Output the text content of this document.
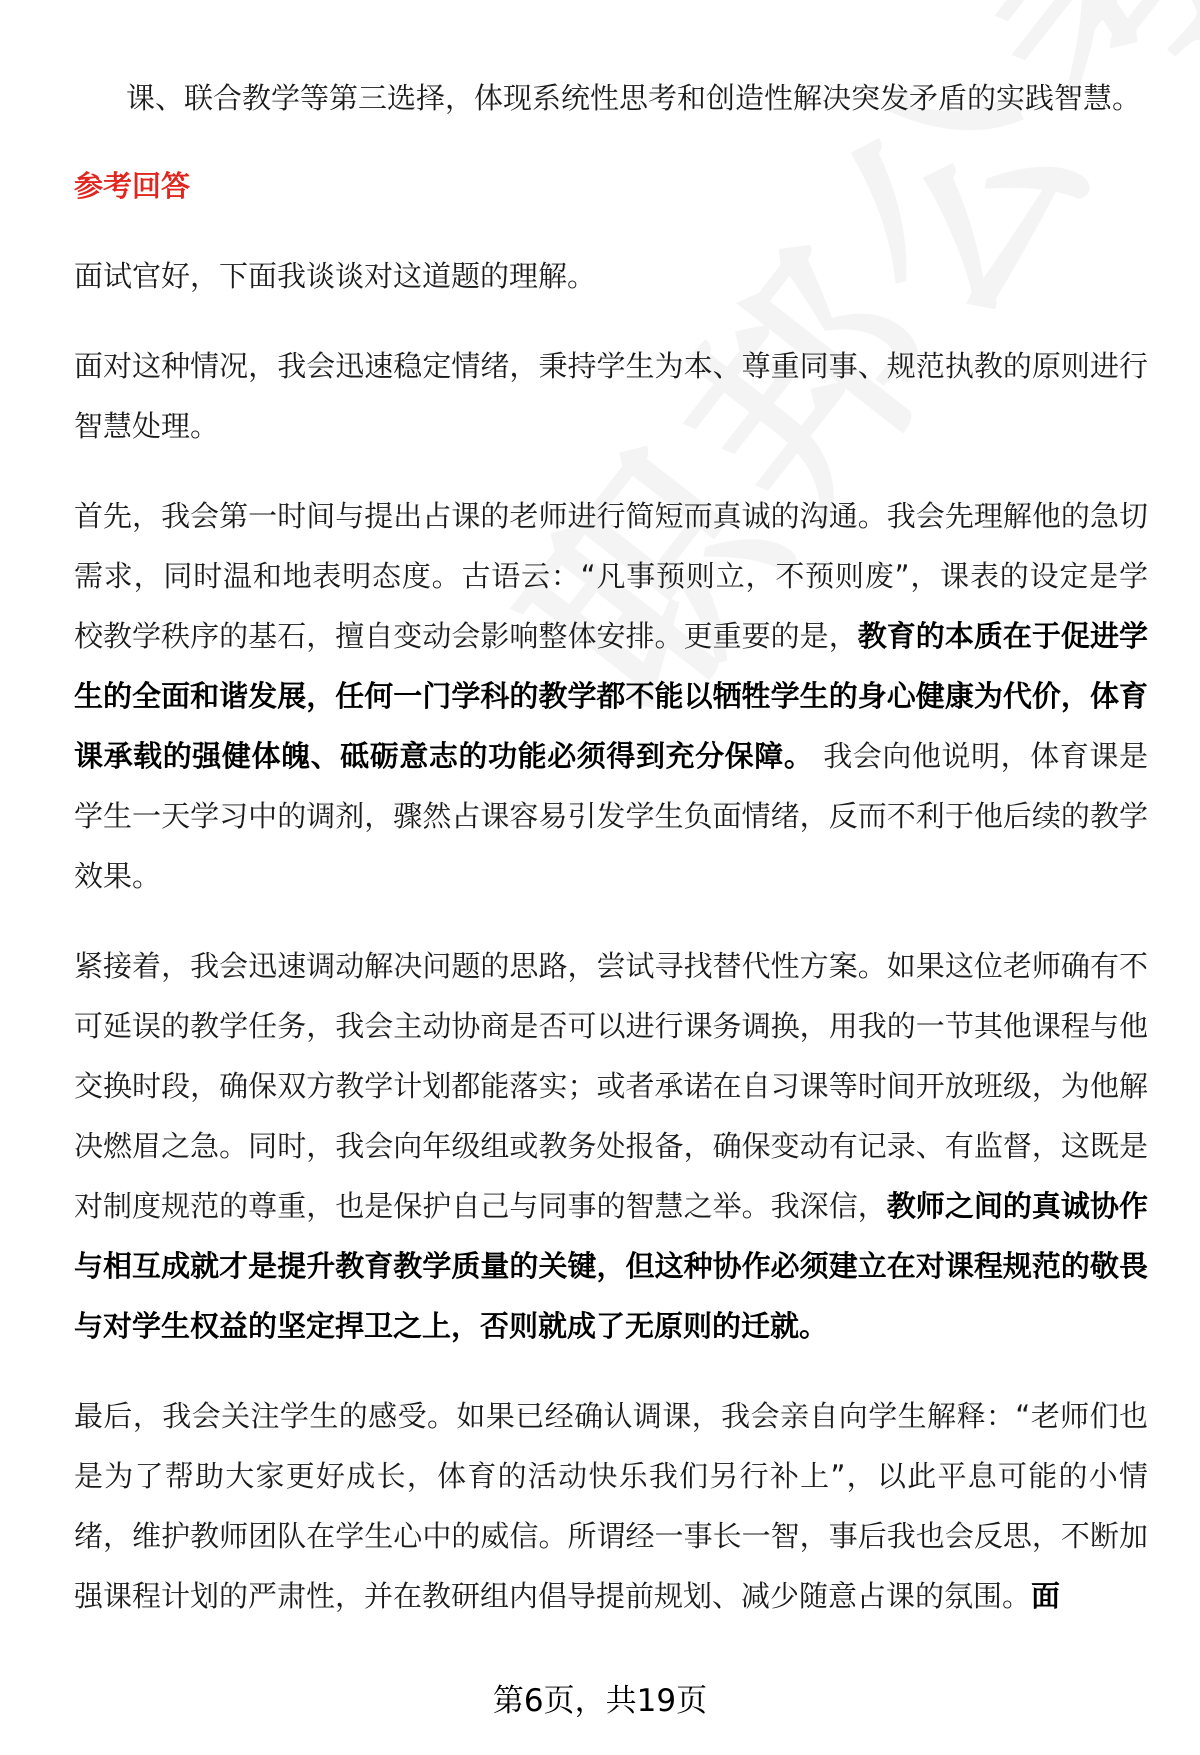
课、联合教学等第三选择，体现系统性思考和创造性解决突发矛盾的实践智慧。

参考回答

面试官好，下面我谈谈对这道题的理解。

面对这种情况，我会迅速稳定情绪，秉持学生为本、尊重同事、规范执教的原则进行智慧处理。

首先，我会第一时间与提出占课的老师进行简短而真诚的沟通。我会先理解他的急切需求，同时温和地表明态度。古语云：“凡事预则立，不预则废”，课表的设定是学校教学秩序的基石，擅自变动会影响整体安排。更重要的是，教育的本质在于促进学生的全面和谐发展，任何一门学科的教学都不能以牺牲学生的身心健康为代价，体育课承载的强健体魄、砥砺意志的功能必须得到充分保障。 我会向他说明，体育课是学生一天学习中的调剂，骤然占课容易引发学生负面情绪，反而不利于他后续的教学效果。

紧接着，我会迅速调动解决问题的思路，尝试寻找替代性方案。如果这位老师确有不可延误的教学任务，我会主动协商是否可以进行课务调换，用我的一节其他课程与他交换时段，确保双方教学计划都能落实；或者承诺在自习课等时间开放班级，为他解决燃眉之急。同时，我会向年级组或教务处报备，确保变动有记录、有监督，这既是对制度规范的尊重，也是保护自己与同事的智慧之举。我深信，教师之间的真诚协作与相互成就才是提升教育教学质量的关键，但这种协作必须建立在对课程规范的敬畏与对学生权益的坚定捍卫之上，否则就成了无原则的迁就。

最后，我会关注学生的感受。如果已经确认调课，我会亲自向学生解释：“老师们也是为了帮助大家更好成长，体育的活动快乐我们另行补上”，以此平息可能的小情绪，维护教师团队在学生心中的威信。所谓经一事长一智，事后我也会反思，不断加强课程计划的严肃性，并在教研组内倡导提前规划、减少随意占课的氛围。面

第6页，共19页
